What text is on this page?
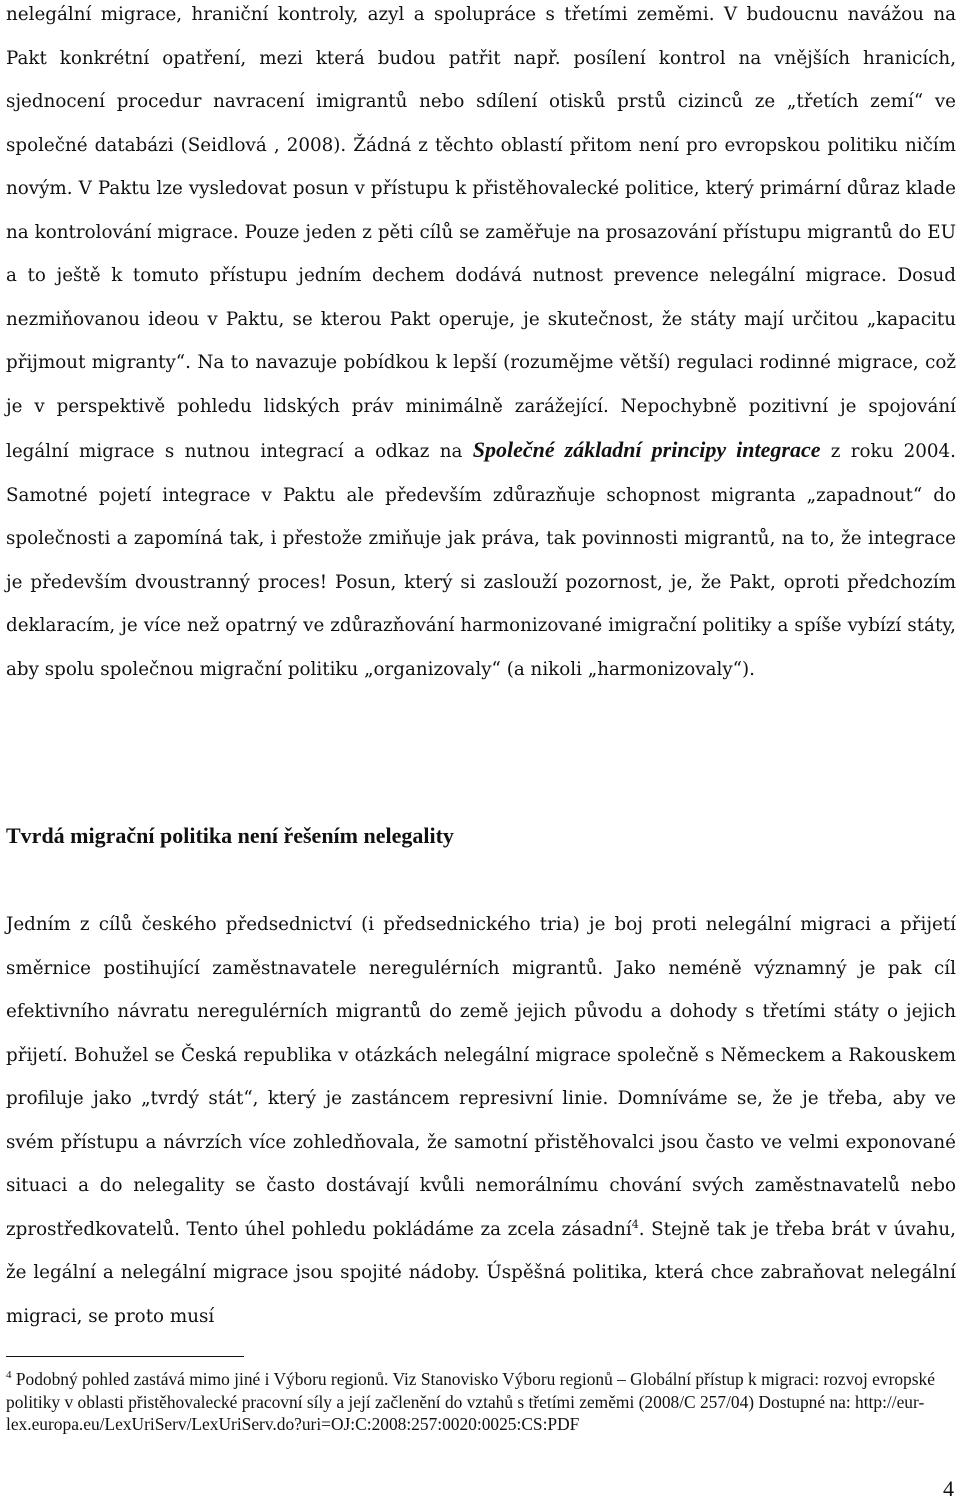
nelegální migrace, hraniční kontroly, azyl a spolupráce s třetími zeměmi. V budoucnu navážou na Pakt konkrétní opatření, mezi která budou patřit např. posílení kontrol na vnějších hranicích, sjednocení procedur navracení imigrantů nebo sdílení otisků prstů cizinců ze „třetích zemí“ ve společné databázi (Seidlová , 2008). Žádná z těchto oblastí přitom není pro evropskou politiku ničím novým. V Paktu lze vysledovat posun v přístupu k přistěhovalecké politice, který primární důraz klade na kontrolování migrace. Pouze jeden z pěti cílů se zaměřuje na prosazování přístupu migrantů do EU a to ještě k tomuto přístupu jedním dechem dodává nutnost prevence nelegální migrace. Dosud nezmiňovanou ideou v Paktu, se kterou Pakt operuje, je skutečnost, že státy mají určitou „kapacitu přijmout migranty“. Na to navazuje pobídkou k lepší (rozumějme větší) regulaci rodinné migrace, což je v perspektivě pohledu lidských práv minimálně zarážející. Nepochybně pozitivní je spojování legální migrace s nutnou integrací a odkaz na Společné základní principy integrace z roku 2004. Samotné pojetí integrace v Paktu ale především zdůrazňuje schopnost migranta „zapadnout“ do společnosti a zapomíná tak, i přestože zmiňuje jak práva, tak povinnosti migrantů, na to, že integrace je především dvoustranný proces! Posun, který si zaslouží pozornost, je, že Pakt, oproti předchozím deklaracím, je více než opatrný ve zdůrazňování harmonizované imigrační politiky a spíše vybízí státy, aby spolu společnou migrační politiku „organizovaly“ (a nikoli „harmonizovaly“).

Tvrdá migrační politika není řešením nelegality

Jedním z cílů českého předsednictví (i předsednického tria) je boj proti nelegální migraci a přijetí směrnice postihující zaměstnavatele neregulérních migrantů. Jako neméně významný je pak cíl efektivního návratu neregulérních migrantů do země jejich původu a dohody s třetími státy o jejich přijetí. Bohužel se Česká republika v otázkách nelegální migrace společně s Německem a Rakouskem profiluje jako „tvrdý stát“, který je zastáncem represivní linie. Domníváme se, že je třeba, aby ve svém přístupu a návrzích více zohledňovala, že samotní přistěhovalci jsou často ve velmi exponované situaci a do nelegality se často dostávají kvůli nemorálnímu chování svých zaměstnavatelů nebo zprostředkovatelů. Tento úhel pohledu pokládáme za zcela zásadní$^4$. Stejně tak je třeba brát v úvahu, že legální a nelegální migrace jsou spojité nádoby. Úspěšná politika, která chce zabraňovat nelegální migraci, se proto musí

$^4$ Podobný pohled zastává mimo jiné i Výboru regionů. Viz Stanovisko Výboru regionů – Globální přístup k migraci: rozvoj evropské politiky v oblasti přistěhovalecké pracovní síly a její začlenění do vztahů s třetími zeměmi (2008/C 257/04) Dostupné na: http://eur-lex.europa.eu/LexUriServ/LexUriServ.do?uri=OJ:C:2008:257:0020:0025:CS:PDF

4
